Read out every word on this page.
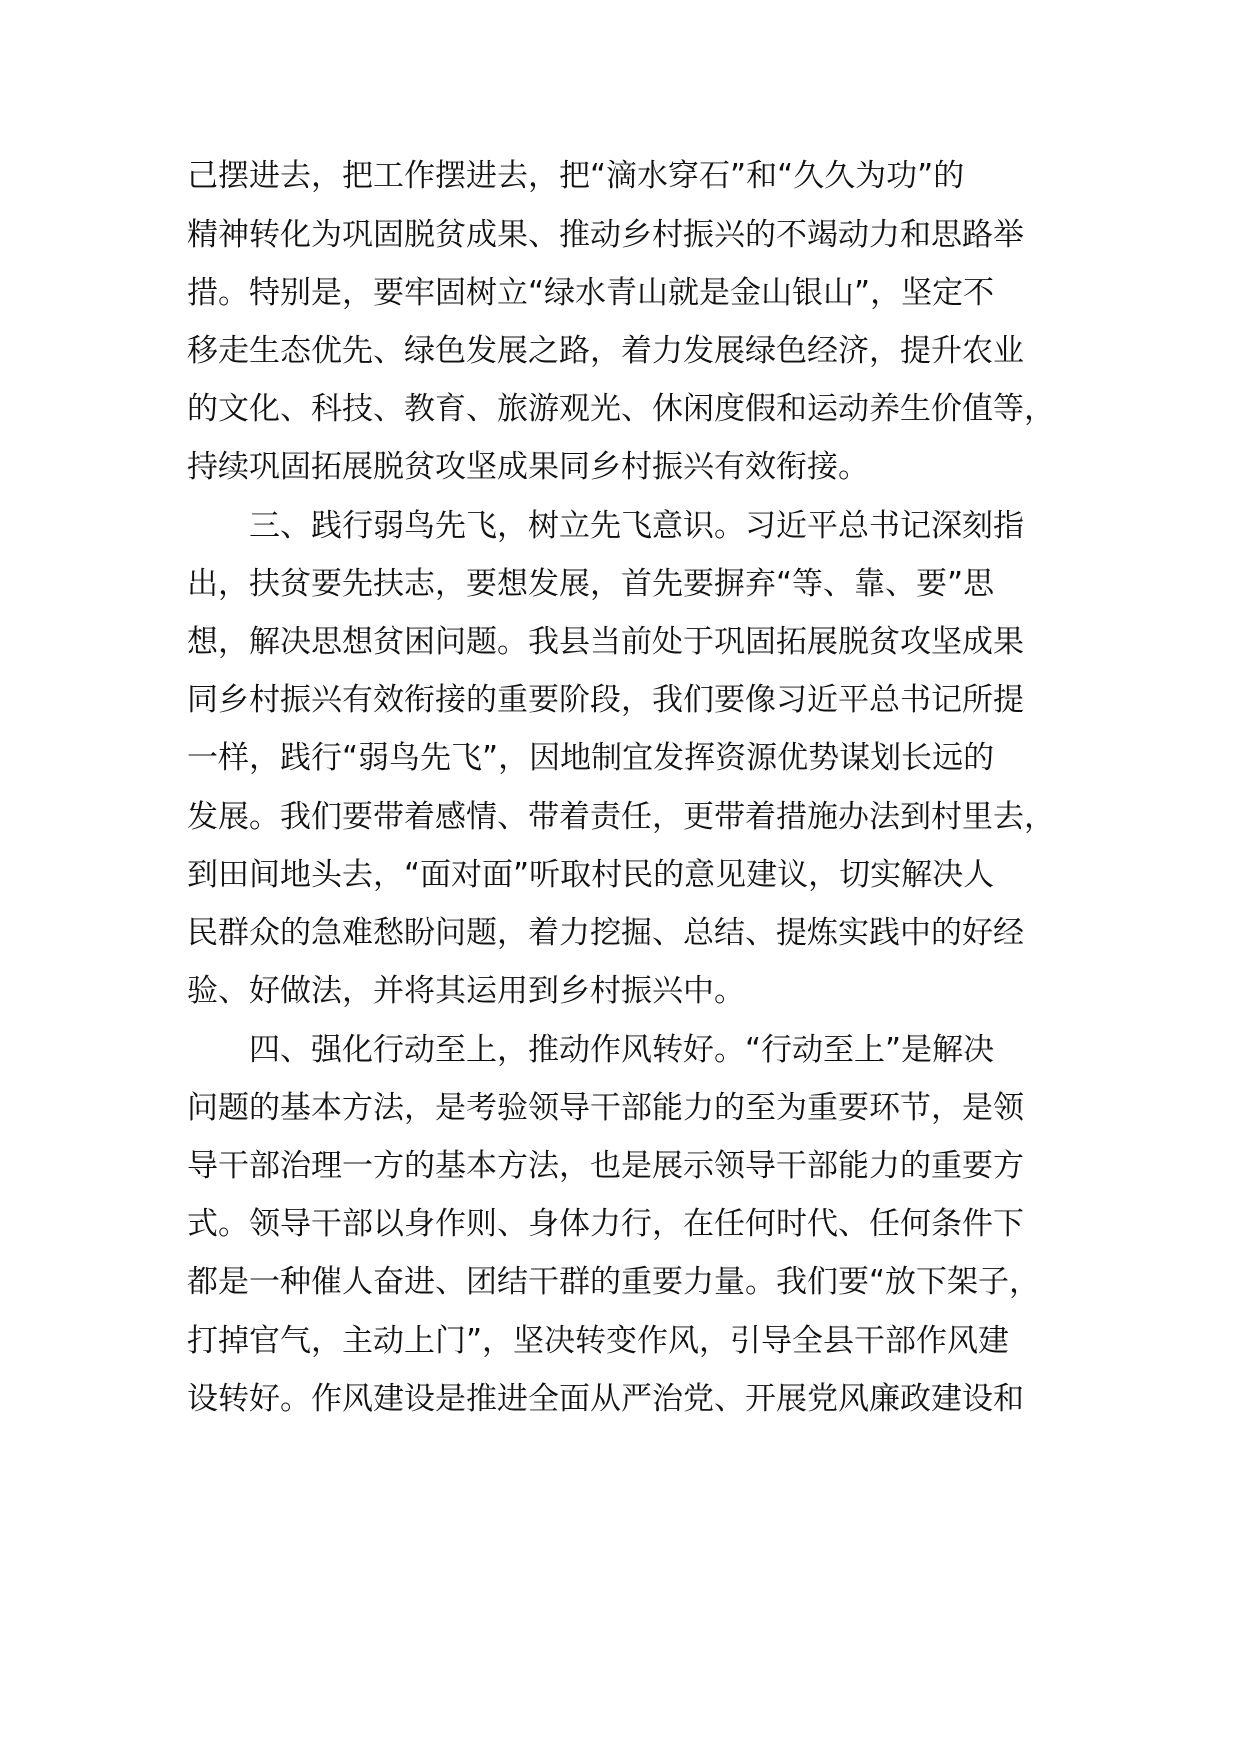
己摆进去，把工作摆进去，把“滴水穿石”和“久久为功”的
精神转化为巩固脱贫成果、推动乡村振兴的不竭动力和思路举
措。特别是，要牢固树立“绿水青山就是金山银山”，坚定不
移走生态优先、绿色发展之路，着力发展绿色经济，提升农业
的文化、科技、教育、旅游观光、休闲度假和运动养生价值等，
持续巩固拓展脱贫攻坚成果同乡村振兴有效衔接。
　　三、践行弱鸟先飞，树立先飞意识。习近平总书记深刻指
出，扶贫要先扶志，要想发展，首先要摒弃“等、靠、要”思
想，解决思想贫困问题。我县当前处于巩固拓展脱贫攻坚成果
同乡村振兴有效衔接的重要阶段，我们要像习近平总书记所提
一样，践行“弱鸟先飞”，因地制宜发挥资源优势谋划长远的
发展。我们要带着感情、带着责任，更带着措施办法到村里去，
到田间地头去，“面对面”听取村民的意见建议，切实解决人
民群众的急难愁盼问题，着力挖掘、总结、提炼实践中的好经
验、好做法，并将其运用到乡村振兴中。
　　四、强化行动至上，推动作风转好。“行动至上”是解决
问题的基本方法，是考验领导干部能力的至为重要环节，是领
导干部治理一方的基本方法，也是展示领导干部能力的重要方
式。领导干部以身作则、身体力行，在任何时代、任何条件下
都是一种催人奋进、团结干群的重要力量。我们要“放下架子，
打掉官气，主动上门”，坚决转变作风，引导全县干部作风建
设转好。作风建设是推进全面从严治党、开展党风廉政建设和
